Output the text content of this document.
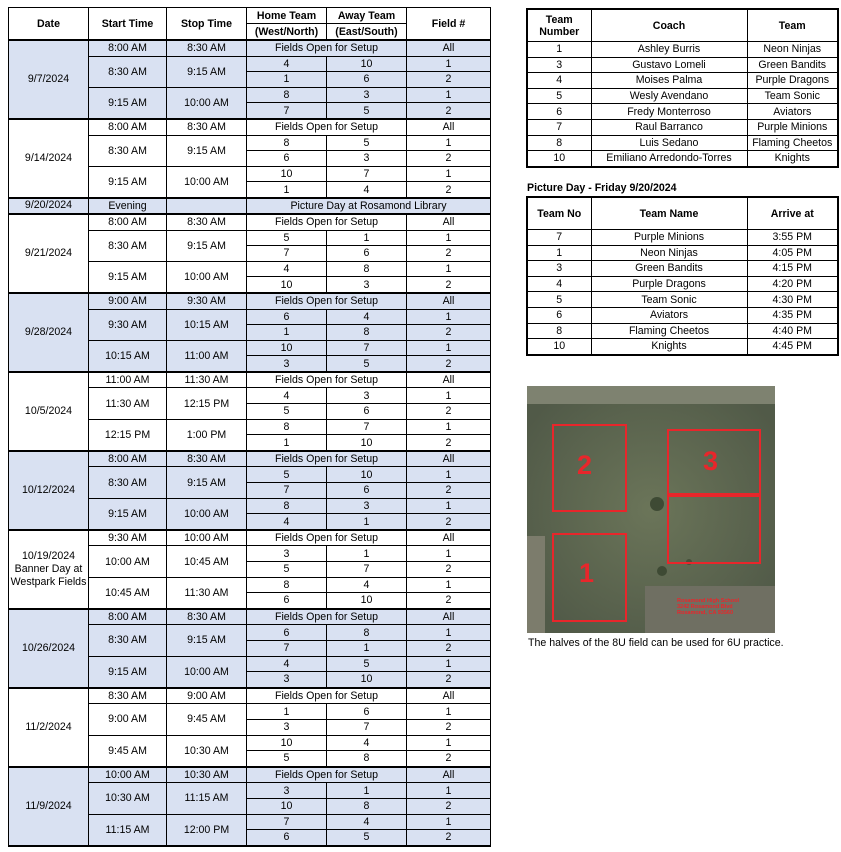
Date	Start Time	Stop Time	Home Team	Away Team	Field #
			(West/North)	(East/South)	
9/7/2024	8:00 AM	8:30 AM	Fields Open for Setup		All
	8:30 AM	9:15 AM	4	10	1
			1	6	2
	9:15 AM	10:00 AM	8	3	1
			7	5	2
9/14/2024	8:00 AM	8:30 AM	Fields Open for Setup		All
	8:30 AM	9:15 AM	8	5	1
			6	3	2
	9:15 AM	10:00 AM	10	7	1
			1	4	2
9/20/2024	Evening		Picture Day at Rosamond Library		
9/21/2024	8:00 AM	8:30 AM	Fields Open for Setup		All
	8:30 AM	9:15 AM	5	1	1
			7	6	2
	9:15 AM	10:00 AM	4	8	1
			10	3	2
9/28/2024	9:00 AM	9:30 AM	Fields Open for Setup		All
	9:30 AM	10:15 AM	6	4	1
			1	8	2
	10:15 AM	11:00 AM	10	7	1
			3	5	2
10/5/2024	11:00 AM	11:30 AM	Fields Open for Setup		All
	11:30 AM	12:15 PM	4	3	1
			5	6	2
	12:15 PM	1:00 PM	8	7	1
			1	10	2
10/12/2024	8:00 AM	8:30 AM	Fields Open for Setup		All
	8:30 AM	9:15 AM	5	10	1
			7	6	2
	9:15 AM	10:00 AM	8	3	1
			4	1	2
10/19/2024 Banner Day at Westpark Fields	9:30 AM	10:00 AM	Fields Open for Setup		All
	10:00 AM	10:45 AM	3	1	1
			5	7	2
	10:45 AM	11:30 AM	8	4	1
			6	10	2
10/26/2024	8:00 AM	8:30 AM	Fields Open for Setup		All
	8:30 AM	9:15 AM	6	8	1
			7	1	2
	9:15 AM	10:00 AM	4	5	1
			3	10	2
11/2/2024	8:30 AM	9:00 AM	Fields Open for Setup		All
	9:00 AM	9:45 AM	1	6	1
			3	7	2
	9:45 AM	10:30 AM	10	4	1
			5	8	2
11/9/2024	10:00 AM	10:30 AM	Fields Open for Setup		All
	10:30 AM	11:15 AM	3	1	1
			10	8	2
	11:15 AM	12:00 PM	7	4	1
			6	5	2
Team Number	Coach	Team
1	Ashley Burris	Neon Ninjas
3	Gustavo Lomeli	Green Bandits
4	Moises Palma	Purple Dragons
5	Wesly Avendano	Team Sonic
6	Fredy Monterroso	Aviators
7	Raul Barranco	Purple Minions
8	Luis Sedano	Flaming Cheetos
10	Emiliano Arredondo-Torres	Knights

Picture Day - Friday 9/20/2024

Team No	Team Name	Arrive at
7	Purple Minions	3:55 PM
1	Neon Ninjas	4:05 PM
3	Green Bandits	4:15 PM
4	Purple Dragons	4:20 PM
5	Team Sonic	4:30 PM
6	Aviators	4:35 PM
8	Flaming Cheetos	4:40 PM
10	Knights	4:45 PM
2	3
1
Rosamond High School
3242 Rosamond Blvd
Rosamond, CA 93560

The halves of the 8U field can be used for 6U practice.
